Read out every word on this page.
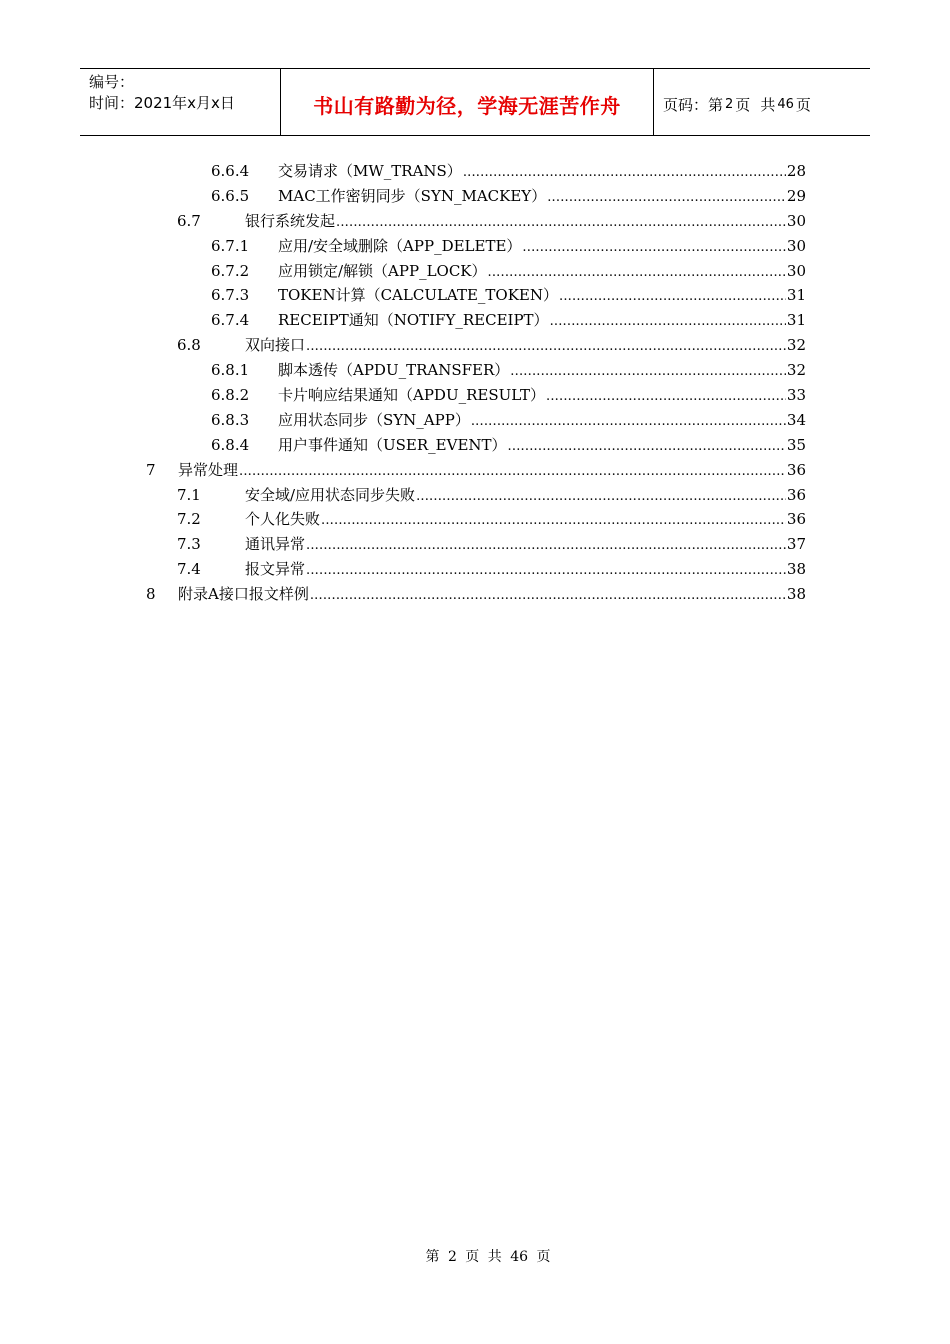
编号：
时间：2021年x月x日	书山有路勤为径，学海无涯苦作舟	页码：第 2 页 共 46 页
6.6.4 交易请求（MW_TRANS） .....	28
6.6.5 MAC工作密钥同步（SYN_MACKEY） .....	29
6.7	银行系统发起 .....	30
6.7.1 应用/安全域删除（APP_DELETE） .....	30
6.7.2 应用锁定/解锁（APP_LOCK） .....	30
6.7.3 TOKEN计算（CALCULATE_TOKEN） .....	31
6.7.4 RECEIPT通知（NOTIFY_RECEIPT） .....	31
6.8	双向接口 .....	32
6.8.1 脚本透传（APDU_TRANSFER） .....	32
6.8.2 卡片响应结果通知（APDU_RESULT） .....	33
6.8.3 应用状态同步（SYN_APP） .....	34
6.8.4 用户事件通知（USER_EVENT） .....	35
7 异常处理 .....	36
7.1	安全域/应用状态同步失败 .....	36
7.2	个人化失败 .....	36
7.3	通讯异常 .....	37
7.4	报文异常 .....	38
8 附录A接口报文样例 .....	38
第 2 页 共 46 页
